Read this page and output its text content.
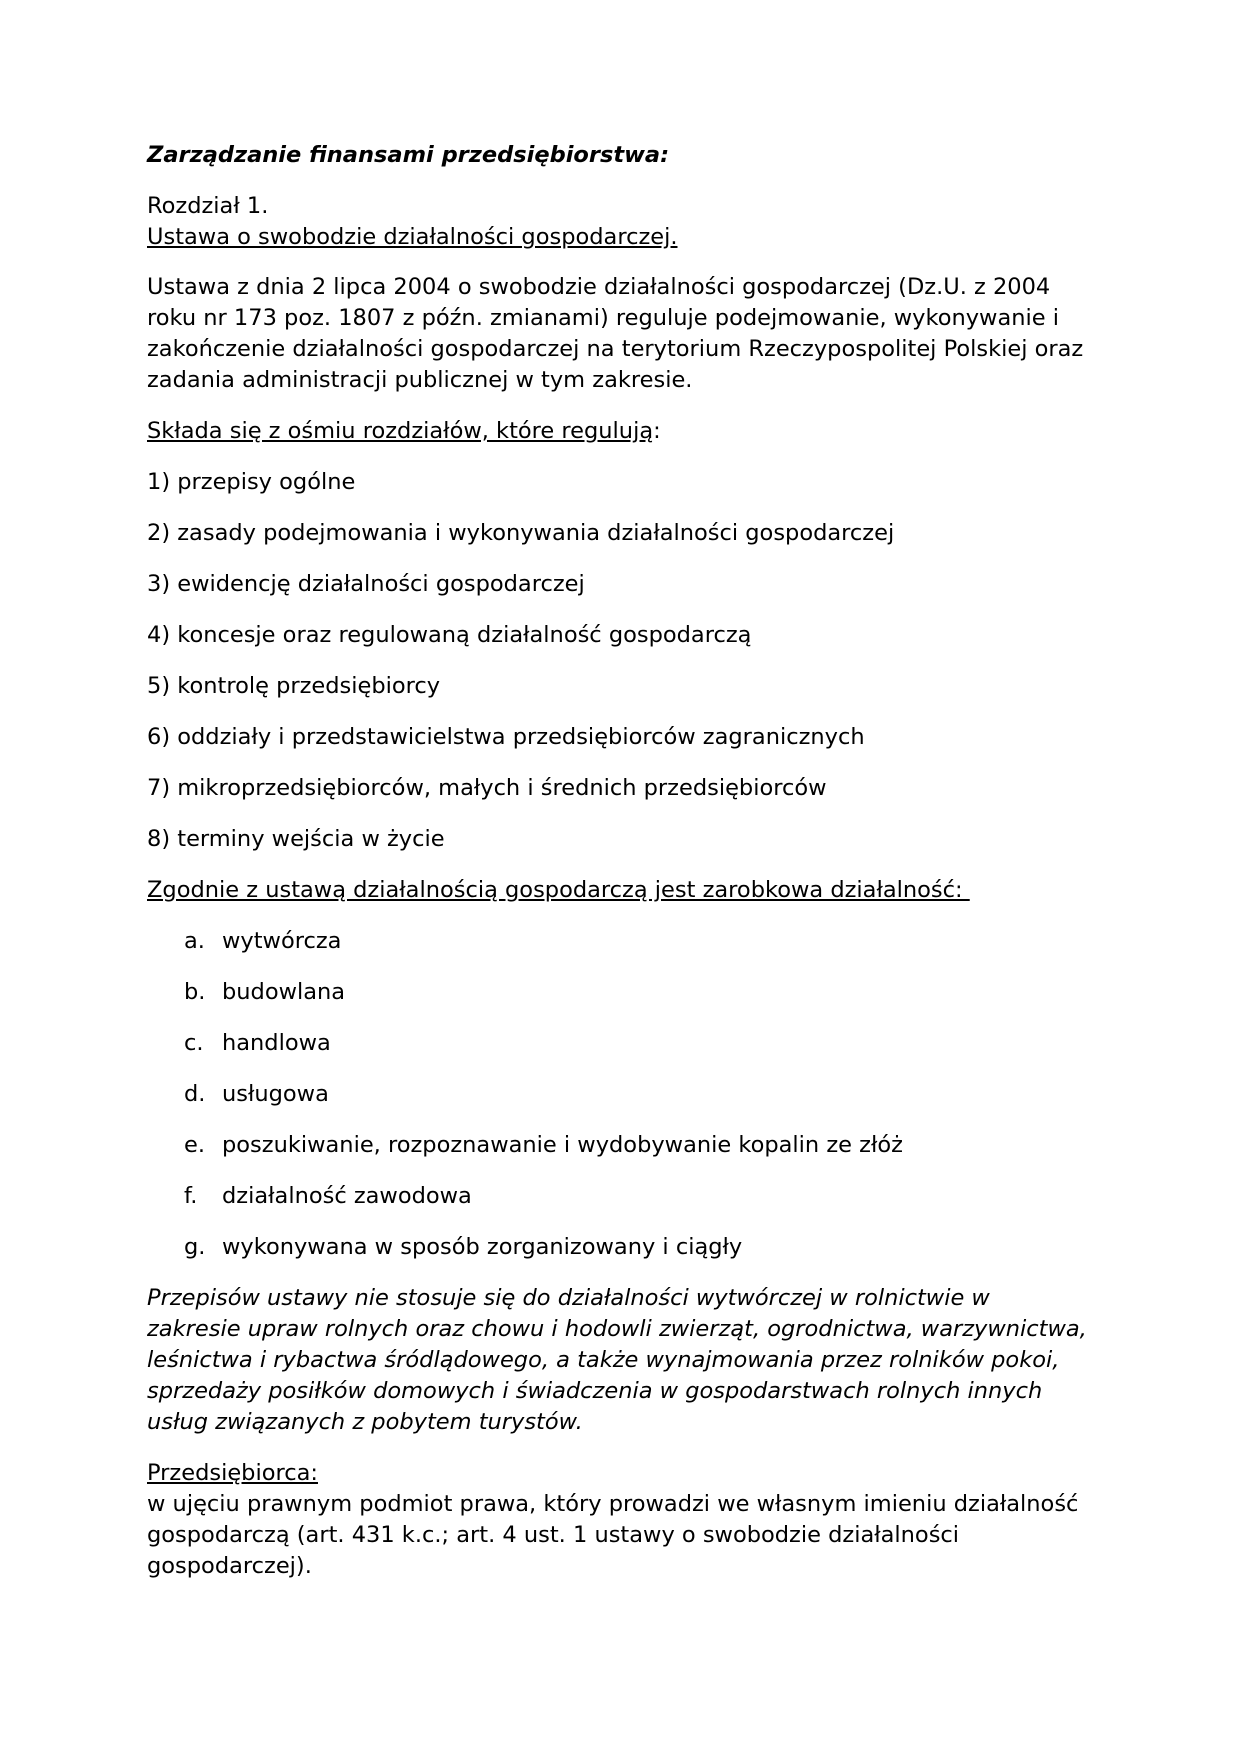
Zarządzanie finansami przedsiębiorstwa:

Rozdział 1.

Ustawa o swobodzie działalności gospodarczej.

Ustawa z dnia 2 lipca 2004 o swobodzie działalności gospodarczej (Dz.U. z 2004 roku nr 173 poz. 1807 z późn. zmianami) reguluje podejmowanie, wykonywanie i zakończenie działalności gospodarczej na terytorium Rzeczypospolitej Polskiej oraz zadania administracji publicznej w tym zakresie.

Składa się z ośmiu rozdziałów, które regulują:

1) przepisy ogólne
2) zasady podejmowania i wykonywania działalności gospodarczej
3) ewidencję działalności gospodarczej
4) koncesje oraz regulowaną działalność gospodarczą
5) kontrolę przedsiębiorcy
6) oddziały i przedstawicielstwa przedsiębiorców zagranicznych
7) mikroprzedsiębiorców, małych i średnich przedsiębiorców
8) terminy wejścia w życie

Zgodnie z ustawą działalnością gospodarczą jest zarobkowa działalność:

a. wytwórcza
b. budowlana
c. handlowa
d. usługowa
e. poszukiwanie, rozpoznawanie i wydobywanie kopalin ze złóż
f.	działalność zawodowa
g. wykonywana w sposób zorganizowany i ciągły

Przepisów ustawy nie stosuje się do działalności wytwórczej w rolnictwie w zakresie upraw rolnych oraz chowu i hodowli zwierząt, ogrodnictwa, warzywnictwa, leśnictwa i rybactwa śródlądowego, a także wynajmowania przez rolników pokoi, sprzedaży posiłków domowych i świadczenia w gospodarstwach rolnych innych usług związanych z pobytem turystów.

Przedsiębiorca:

w ujęciu prawnym podmiot prawa, który prowadzi we własnym imieniu działalność gospodarczą (art. 431 k.c.; art. 4 ust. 1 ustawy o swobodzie działalności gospodarczej).
